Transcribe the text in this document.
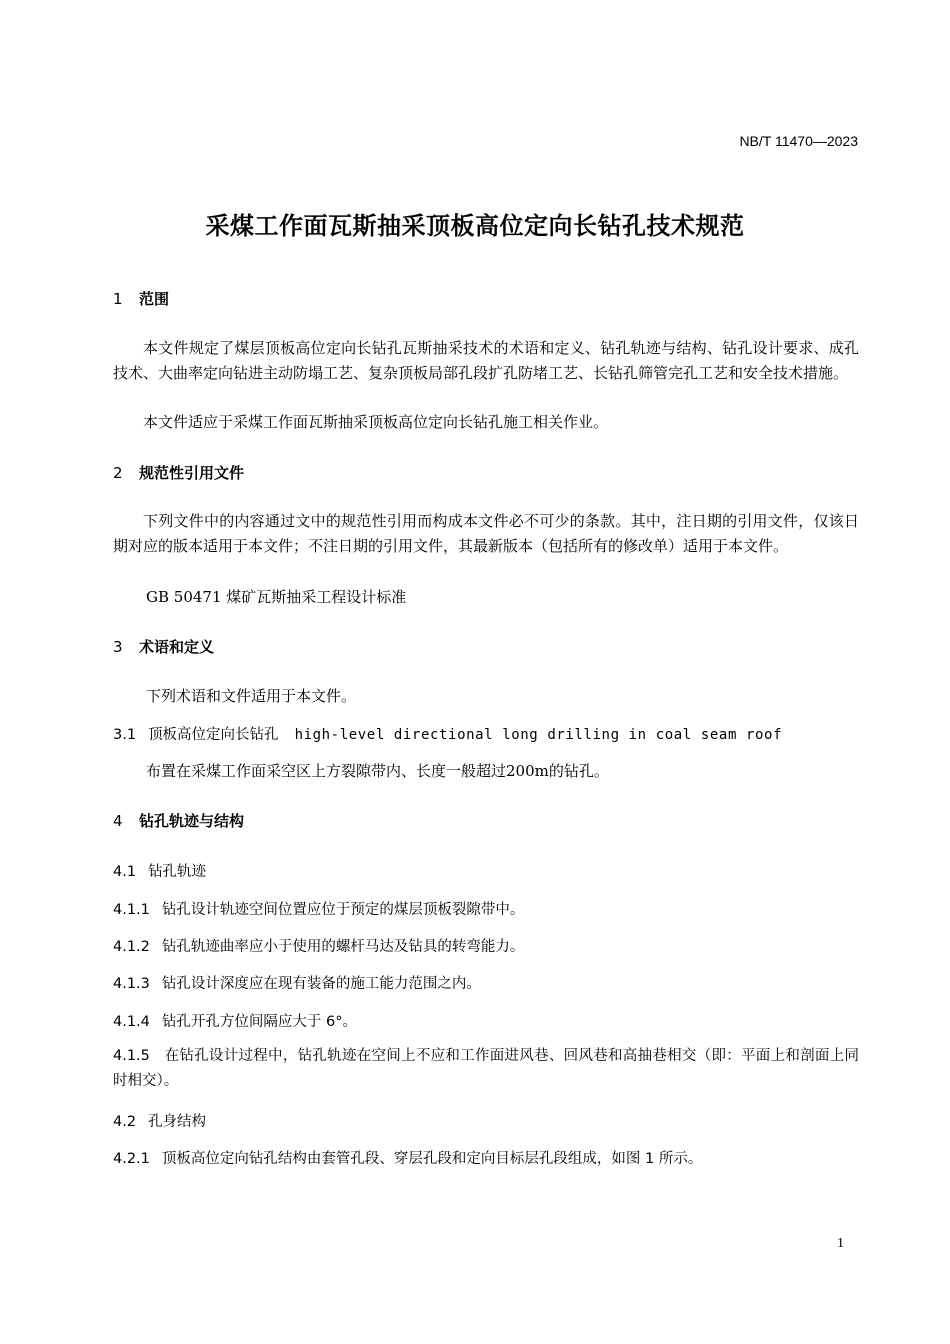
NB/T 11470—2023
采煤工作面瓦斯抽采顶板高位定向长钻孔技术规范
1 范围
本文件规定了煤层顶板高位定向长钻孔瓦斯抽采技术的术语和定义、钻孔轨迹与结构、钻孔设计要求、成孔技术、大曲率定向钻进主动防塌工艺、复杂顶板局部孔段扩孔防堵工艺、长钻孔筛管完孔工艺和安全技术措施。
本文件适应于采煤工作面瓦斯抽采顶板高位定向长钻孔施工相关作业。
2 规范性引用文件
下列文件中的内容通过文中的规范性引用而构成本文件必不可少的条款。其中，注日期的引用文件，仅该日期对应的版本适用于本文件；不注日期的引用文件，其最新版本（包括所有的修改单）适用于本文件。
GB 50471 煤矿瓦斯抽采工程设计标准
3 术语和定义
下列术语和文件适用于本文件。
3.1 顶板高位定向长钻孔 high-level directional long drilling in coal seam roof
布置在采煤工作面采空区上方裂隙带内、长度一般超过200m的钻孔。
4 钻孔轨迹与结构
4.1 钻孔轨迹
4.1.1 钻孔设计轨迹空间位置应位于预定的煤层顶板裂隙带中。
4.1.2 钻孔轨迹曲率应小于使用的螺杆马达及钻具的转弯能力。
4.1.3 钻孔设计深度应在现有装备的施工能力范围之内。
4.1.4 钻孔开孔方位间隔应大于 6°。
4.1.5 在钻孔设计过程中，钻孔轨迹在空间上不应和工作面进风巷、回风巷和高抽巷相交（即：平面上和剖面上同时相交）。
4.2 孔身结构
4.2.1 顶板高位定向钻孔结构由套管孔段、穿层孔段和定向目标层孔段组成，如图 1 所示。
1
